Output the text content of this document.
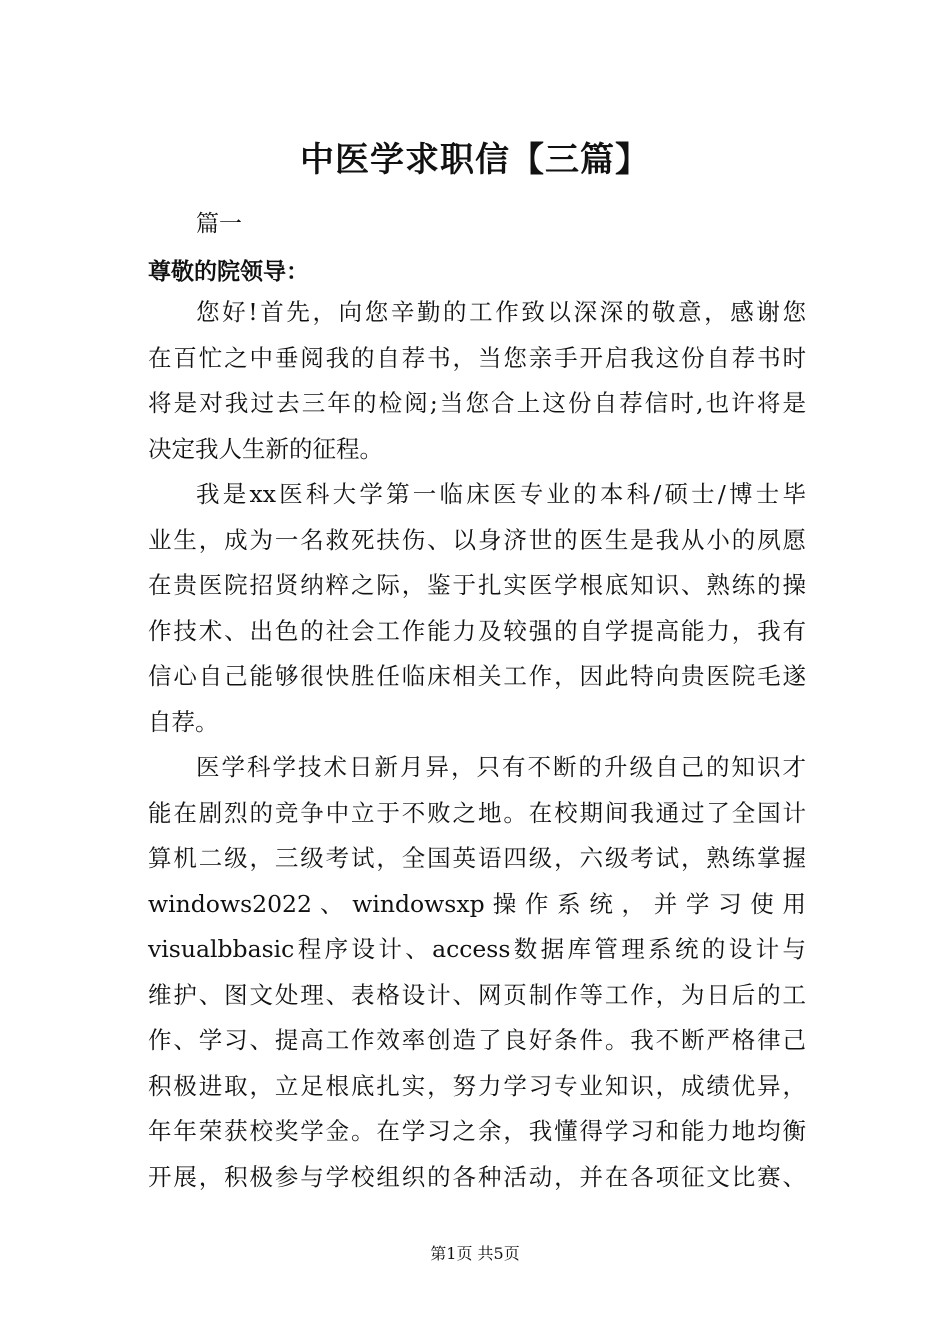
中医学求职信【三篇】
篇一
尊敬的院领导：
您好!首先，向您辛勤的工作致以深深的敬意，感谢您
在百忙之中垂阅我的自荐书，当您亲手开启我这份自荐书时
将是对我过去三年的检阅;当您合上这份自荐信时,也许将是
决定我人生新的征程。
我是xx医科大学第一临床医专业的本科/硕士/博士毕
业生，成为一名救死扶伤、以身济世的医生是我从小的夙愿
在贵医院招贤纳粹之际，鉴于扎实医学根底知识、熟练的操
作技术、出色的社会工作能力及较强的自学提高能力，我有
信心自己能够很快胜任临床相关工作，因此特向贵医院毛遂
自荐。
医学科学技术日新月异，只有不断的升级自己的知识才
能在剧烈的竞争中立于不败之地。在校期间我通过了全国计
算机二级，三级考试，全国英语四级，六级考试，熟练掌握
windows2022 、 windowsxp 操 作 系 统 ， 并 学 习 使 用
visualbbasic程序设计、access数据库管理系统的设计与
维护、图文处理、表格设计、网页制作等工作，为日后的工
作、学习、提高工作效率创造了良好条件。我不断严格律己
积极进取，立足根底扎实，努力学习专业知识，成绩优异，
年年荣获校奖学金。在学习之余，我懂得学习和能力地均衡
开展，积极参与学校组织的各种活动，并在各项征文比赛、
第1页 共5页
